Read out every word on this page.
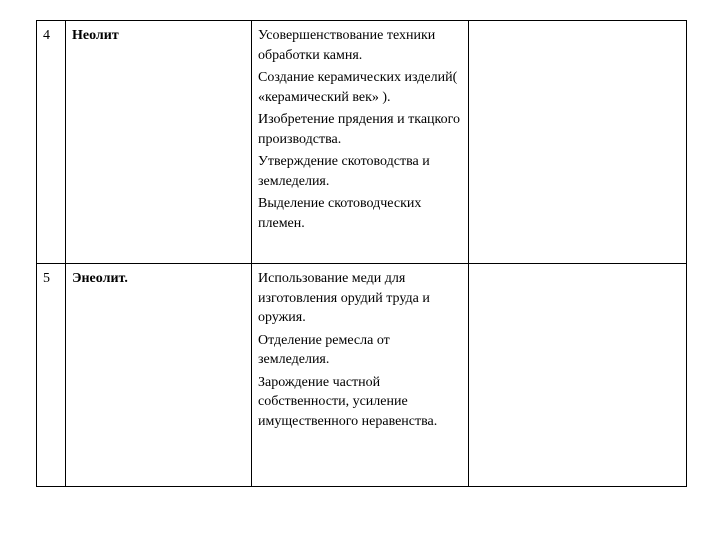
4	Неолит	Усовершенствование техники обработки камня.

Создание керамических изделий( «керамический век» ).

Изобретение прядения и ткацкого производства.

Утверждение скотоводства и земледелия.

Выделение скотоводческих племен.	

5	Энеолит.	Использование меди для изготовления орудий труда и оружия.

Отделение ремесла от земледелия.

Зарождение частной собственности, усиление имущественного неравенства.	
